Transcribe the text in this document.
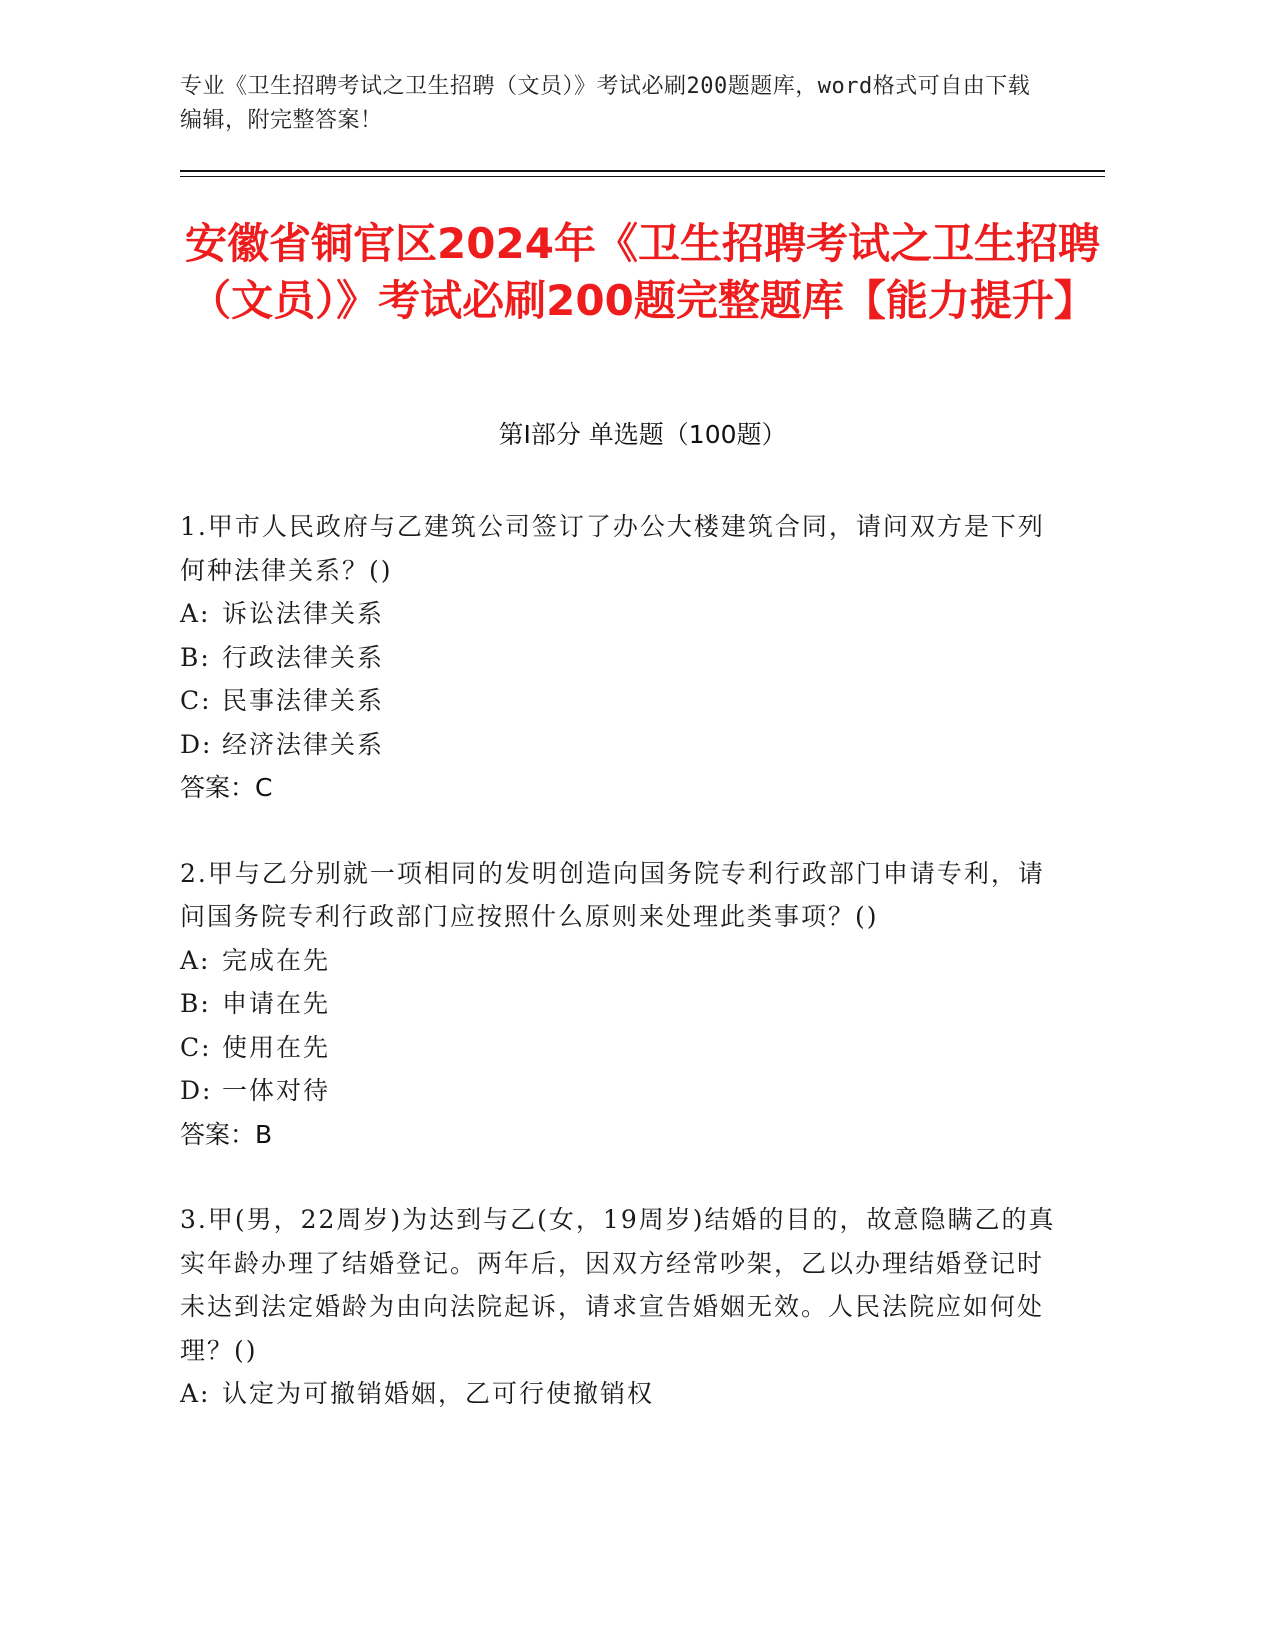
专业《卫生招聘考试之卫生招聘（文员）》考试必刷200题题库，word格式可自由下载编辑，附完整答案！
安徽省铜官区2024年《卫生招聘考试之卫生招聘（文员）》考试必刷200题完整题库【能力提升】
第Ⅰ部分 单选题（100题）
1.甲市人民政府与乙建筑公司签订了办公大楼建筑合同，请问双方是下列何种法律关系？()
A: 诉讼法律关系
B: 行政法律关系
C: 民事法律关系
D: 经济法律关系
答案：C
2.甲与乙分别就一项相同的发明创造向国务院专利行政部门申请专利，请问国务院专利行政部门应按照什么原则来处理此类事项？()
A: 完成在先
B: 申请在先
C: 使用在先
D: 一体对待
答案：B
3.甲(男，22周岁)为达到与乙(女，19周岁)结婚的目的，故意隐瞒乙的真实年龄办理了结婚登记。两年后，因双方经常吵架，乙以办理结婚登记时未达到法定婚龄为由向法院起诉，请求宣告婚姻无效。人民法院应如何处理？()
A: 认定为可撤销婚姻，乙可行使撤销权
